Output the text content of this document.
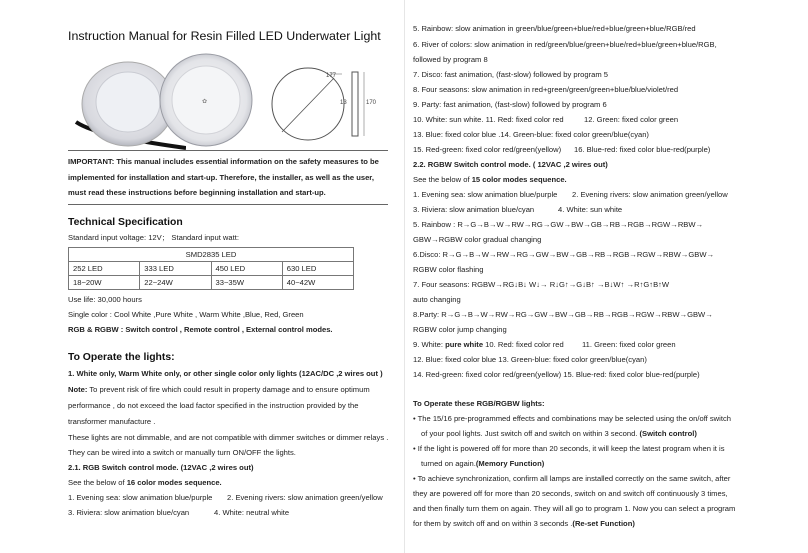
Instruction Manual for Resin Filled LED Underwater Light
✿
177
13	170
IMPORTANT: This manual includes essential information on the safety measures to be
implemented for installation and start-up. Therefore, the installer, as well as the user,
must read these instructions before beginning installation and start-up.
Technical Specification
Standard input voltage: 12V； Standard input watt:
SMD2835 LED			
252 LED	333 LED	450 LED	630 LED
18~20W	22~24W	33~35W	40~42W
Use life: 30,000 hours
Single color : Cool White ,Pure White , Warm White ,Blue, Red, Green
RGB & RGBW : Switch control , Remote control , External control modes.
To Operate the lights:
1. White only, Warm White only, or other single color only lights (12AC/DC ,2 wires out )
Note: To prevent risk of fire which could result in property damage and to ensure optimum
performance , do not exceed the load factor specified in the instruction provided by the
transformer manufacture .
These lights are not dimmable, and are not compatible with dimmer switches or dimmer relays .
They can be wired into a switch or manually turn ON/OFF the lights.
2.1. RGB Switch control mode. (12VAC ,2 wires out)
See the below of 16 color modes sequence.
1. Evening sea: slow animation blue/purple 2. Evening rivers: slow animation green/yellow
3. Riviera: slow animation blue/cyan	4. White: neutral white
5. Rainbow: slow animation in green/blue/green+blue/red+blue/green+blue/RGB/red
6. River of colors: slow animation in red/green/blue/green+blue/red+blue/green+blue/RGB,
followed by program 8
7. Disco: fast animation, (fast-slow) followed by program 5
8. Four seasons: slow animation in red+green/green/green+blue/blue/violet/red
9. Party: fast animation, (fast-slow) followed by program 6
10. White: sun white. 11. Red: fixed color red	12. Green: fixed color green
13. Blue: fixed color blue .14. Green-blue: fixed color green/blue(cyan)
15. Red-green: fixed color red/green(yellow) 16. Blue-red: fixed color blue-red(purple)
2.2. RGBW Switch control mode. ( 12VAC ,2 wires out)
See the below of 15 color modes sequence.
1. Evening sea: slow animation blue/purple 2. Evening rivers: slow animation green/yellow
3. Riviera: slow animation blue/cyan	4. White: sun white
5. Rainbow : R→G→B→W→RW→RG→GW→BW→GB→RB→RGB→RGW→RBW→
GBW→RGBW color gradual changing
6.Disco: R→G→B→W→RW→RG→GW→BW→GB→RB→RGB→RGW→RBW→GBW→
RGBW color flashing
7. Four seasons: RGBW→RG↓B↓ W↓→ R↓G↑→G↓B↑ →B↓W↑ →R↑G↑B↑W
auto changing
8.Party: R→G→B→W→RW→RG→GW→BW→GB→RB→RGB→RGW→RBW→GBW→
RGBW color jump changing
9. White: pure white 10. Red: fixed color red 11. Green: fixed color green
12. Blue: fixed color blue 13. Green-blue: fixed color green/blue(cyan)
14. Red-green: fixed color red/green(yellow) 15. Blue-red: fixed color blue-red(purple)
To Operate these RGB/RGBW lights:
• The 15/16 pre-programmed effects and combinations may be selected using the on/off switch
of your pool lights. Just switch off and switch on within 3 second. (Switch control)
• If the light is powered off for more than 20 seconds, it will keep the latest program when it is
turned on again.(Memory Function)
• To achieve synchronization, confirm all lamps are installed correctly on the same switch, after
they are powered off for more than 20 seconds, switch on and switch off continuously 3 times,
and then finally turn them on again. They will all go to program 1. Now you can select a program
for them by switch off and on within 3 seconds .(Re-set Function)
